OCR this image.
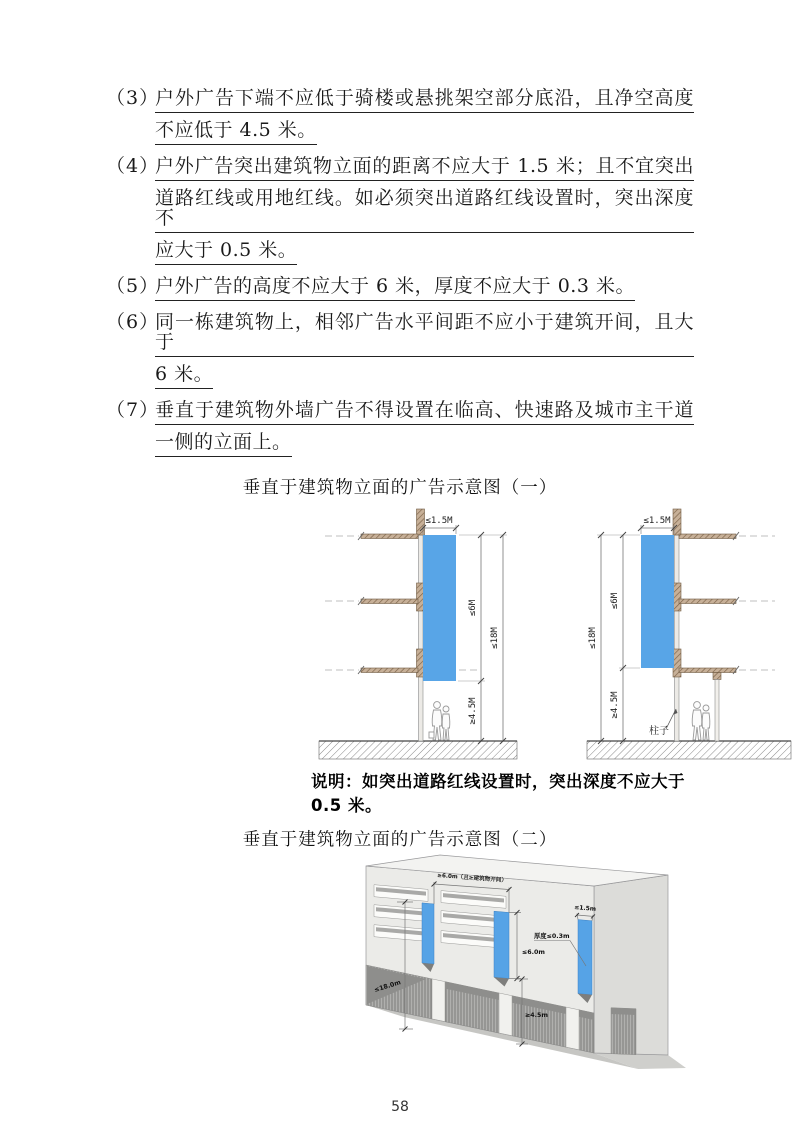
（3）
户外广告下端不应低于骑楼或悬挑架空部分底沿，且净空高度
不应低于 4.5 米。
（4）
户外广告突出建筑物立面的距离不应大于 1.5 米；且不宜突出
道路红线或用地红线。如必须突出道路红线设置时，突出深度不
应大于 0.5 米。
（5）
户外广告的高度不应大于 6 米，厚度不应大于 0.3 米。
（6）
同一栋建筑物上，相邻广告水平间距不应小于建筑开间，且大于
6 米。
（7）
垂直于建筑物外墙广告不得设置在临高、快速路及城市主干道
一侧的立面上。
垂直于建筑物立面的广告示意图（一）
≤1.5M
≤6M
≥4.5M
≤18M
≤1.5M
≤6M
≥4.5M
≤18M
柱子
说明：如突出道路红线设置时，突出深度不应大于 0.5 米。
垂直于建筑物立面的广告示意图（二）
≥6.0m（且≥建筑物开间）
≤1.5m
厚度≤0.3m
≤6.0m
≤18.0m
≥4.5m
58
